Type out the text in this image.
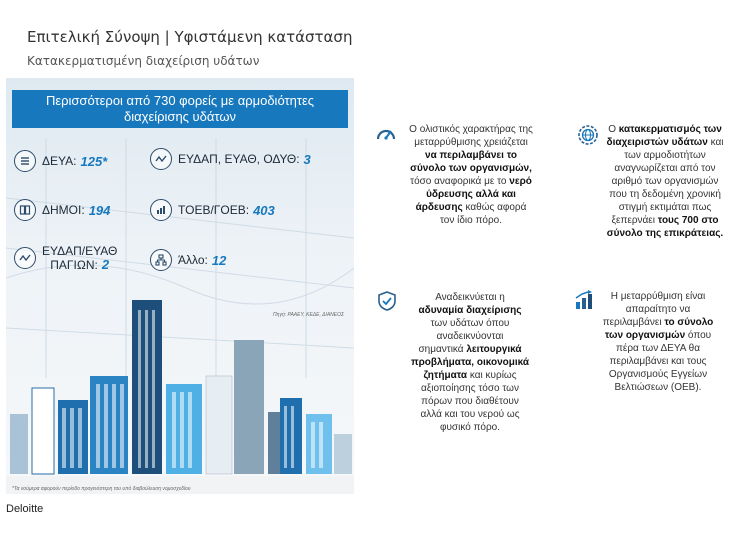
Επιτελική Σύνοψη | Υφιστάμενη κατάσταση
Κατακερματισμένη διαχείριση υδάτων
Περισσότεροι από 730 φορείς με αρμοδιότητες
διαχείρισης υδάτων
ΔΕΥΑ: 125*	ΕΥΔΑΠ, ΕΥΑΘ, ΟΔΥΘ: 3
ΔΗΜΟΙ: 194	ΤΟΕΒ/ΓΟΕΒ: 403
ΕΥΔΑΠ/ΕΥΑΘ
ΠΑΓΙΩΝ: 2	Άλλο: 12
Πηγή: ΡΑΑΕΥ, ΚΕΔΕ, ΔΙΑΝΕΟΣ
*Τα νούμερα αφορούν περίοδο προγενέστερη του υπό διαβούλευση νομοσχεδίου
Ο ολιστικός χαρακτήρας της
μεταρρύθμισης χρειάζεται
να περιλαμβάνει το
σύνολο των οργανισμών,
τόσο αναφορικά με το νερό
ύδρευσης αλλά και
άρδευσης καθώς αφορά
τον ίδιο πόρο.
Ο κατακερματισμός των
διαχειριστών υδάτων και
των αρμοδιοτήτων
αναγνωρίζεται από τον
αριθμό των οργανισμών
που τη δεδομένη χρονική
στιγμή εκτιμάται πως
ξεπερνάει τους 700 στο
σύνολο της επικράτειας.
Αναδεικνύεται η
αδυναμία διαχείρισης
των υδάτων όπου
αναδεικνύονται
σημαντικά λειτουργικά
προβλήματα, οικονομικά
ζητήματα και κυρίως
αξιοποίησης τόσο των
πόρων που διαθέτουν
αλλά και του νερού ως
φυσικό πόρο.
Η μεταρρύθμιση είναι
απαραίτητο να
περιλαμβάνει το σύνολο
των οργανισμών όπου
πέρα των ΔΕΥΑ θα
περιλαμβάνει και τους
Οργανισμούς Εγγείων
Βελτιώσεων (ΟΕΒ).
Deloitte
